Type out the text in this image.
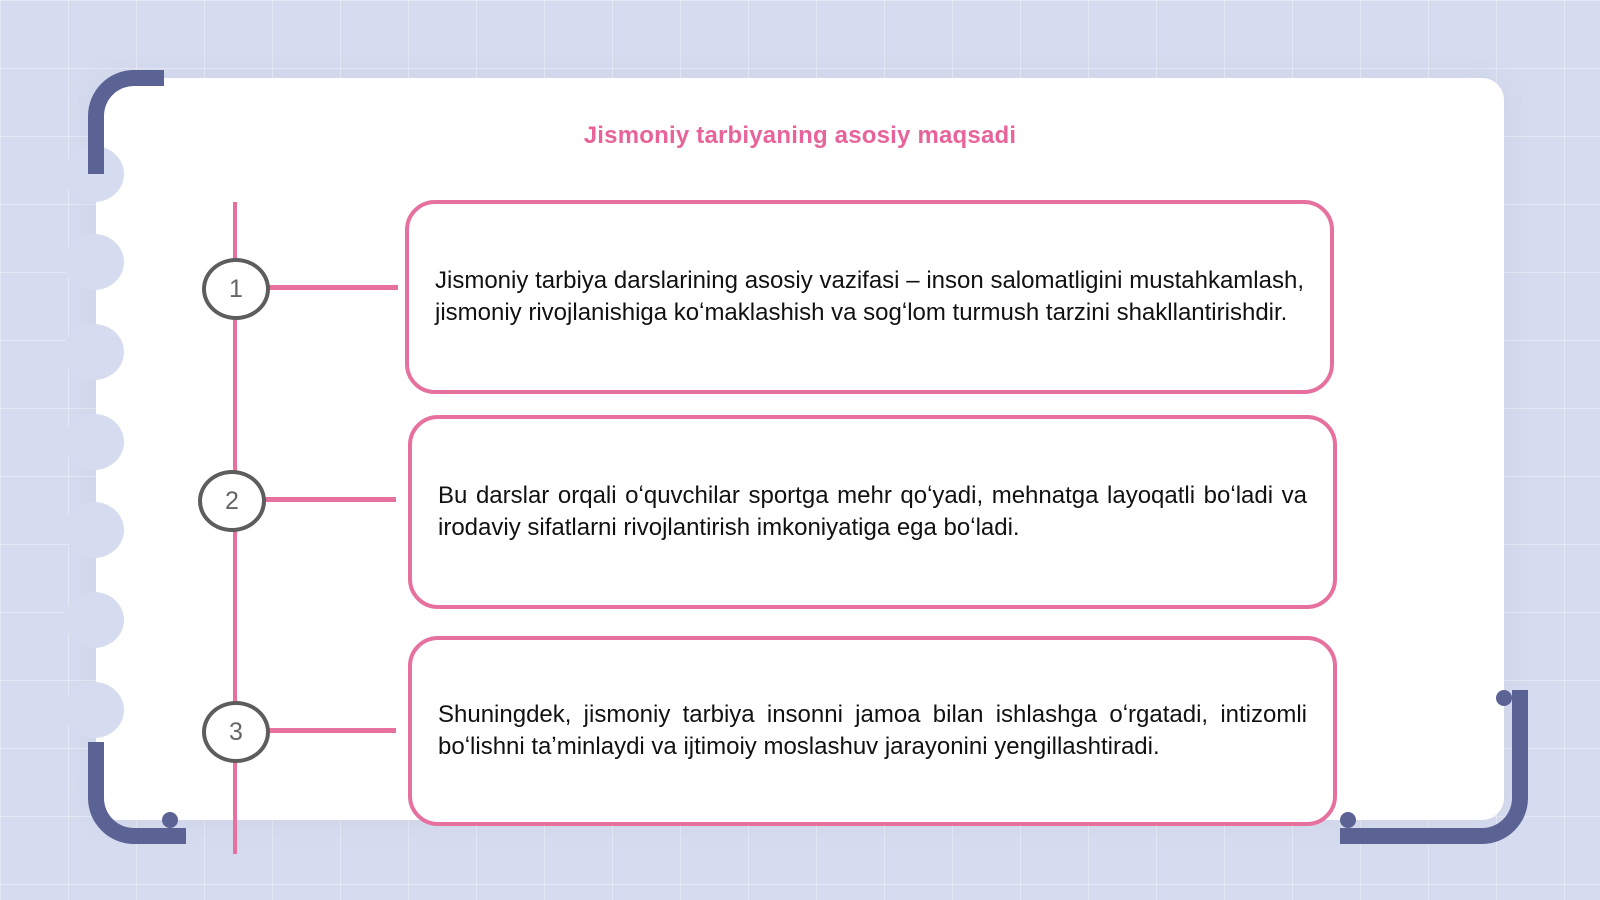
Jismoniy tarbiyaning asosiy maqsadi
1
2
3
Jismoniy tarbiya darslarining asosiy vazifasi – inson salomatligini mustahkamlash, jismoniy rivojlanishiga koʻmaklashish va sogʻlom turmush tarzini shakllantirishdir.
Bu darslar orqali oʻquvchilar sportga mehr qoʻyadi, mehnatga layoqatli boʻladi va irodaviy sifatlarni rivojlantirish imkoniyatiga ega boʻladi.
Shuningdek, jismoniy tarbiya insonni jamoa bilan ishlashga oʻrgatadi, intizomli boʻlishni taʼminlaydi va ijtimoiy moslashuv jarayonini yengillashtiradi.
